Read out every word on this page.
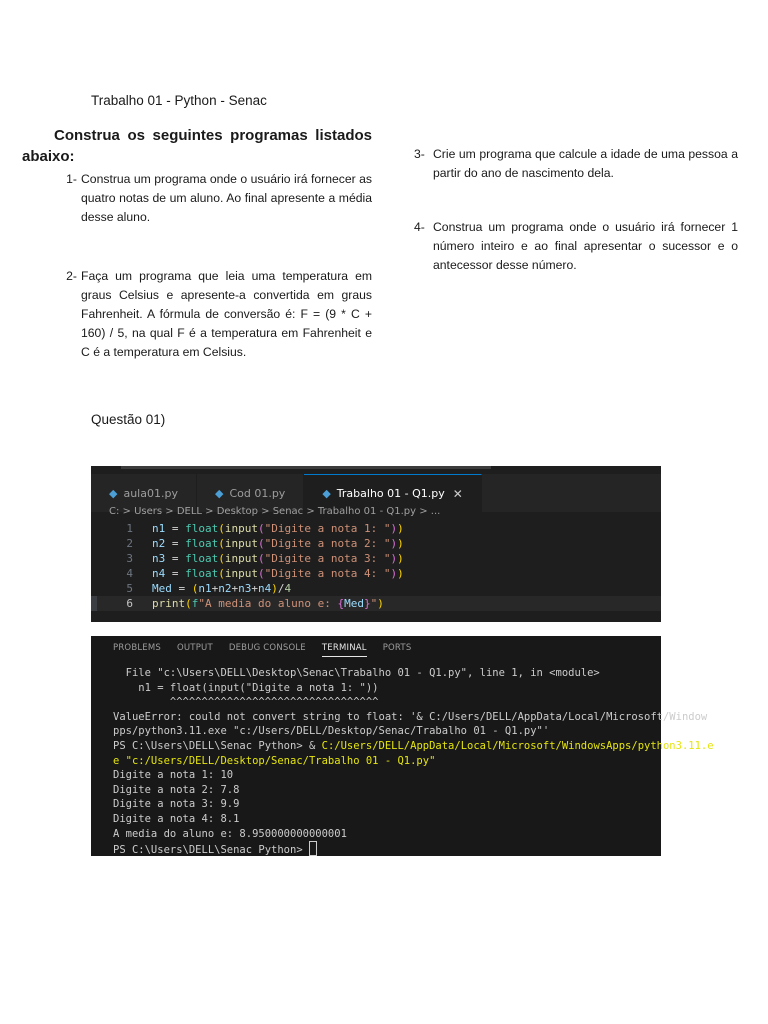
Trabalho 01 - Python - Senac

Construa os seguintes programas listados abaixo:

1- Construa um programa onde o usuário irá fornecer as quatro notas de um aluno. Ao final apresente a média desse aluno.
2- Faça um programa que leia uma temperatura em graus Celsius e apresente-a convertida em graus Fahrenheit. A fórmula de conversão é: F = (9 * C + 160) / 5, na qual F é a temperatura em Fahrenheit e C é a temperatura em Celsius.
3- Crie um programa que calcule a idade de uma pessoa a partir do ano de nascimento dela.
4- Construa um programa onde o usuário irá fornecer 1 número inteiro e ao final apresentar o sucessor e o antecessor desse número.
Questão 01)
◆ aula01.py	◆ Cod 01.py	◆ Trabalho 01 - Q1.py ✕
C: > Users > DELL > Desktop > Senac > Trabalho 01 - Q1.py > ...
1 n1 = float(input("Digite a nota 1: "))
2 n2 = float(input("Digite a nota 2: "))
3 n3 = float(input("Digite a nota 3: "))
4 n4 = float(input("Digite a nota 4: "))
5 Med = (n1+n2+n3+n4)/4
6 print(f"A media do aluno e: {Med}")
PROBLEMS OUTPUT DEBUG CONSOLE TERMINAL PORTS
File "c:\Users\DELL\Desktop\Senac\Trabalho 01 - Q1.py", line 1, in <module>
n1 = float(input("Digite a nota 1: "))
^^^^^^^^^^^^^^^^^^^^^^^^^^^^^^^^^
ValueError: could not convert string to float: '& C:/Users/DELL/AppData/Local/Microsoft/Window
pps/python3.11.exe "c:/Users/DELL/Desktop/Senac/Trabalho 01 - Q1.py"'
PS C:\Users\DELL\Senac Python> & C:/Users/DELL/AppData/Local/Microsoft/WindowsApps/python3.11.e
e "c:/Users/DELL/Desktop/Senac/Trabalho 01 - Q1.py"
Digite a nota 1: 10
Digite a nota 2: 7.8
Digite a nota 3: 9.9
Digite a nota 4: 8.1
A media do aluno e: 8.950000000000001
PS C:\Users\DELL\Senac Python>
